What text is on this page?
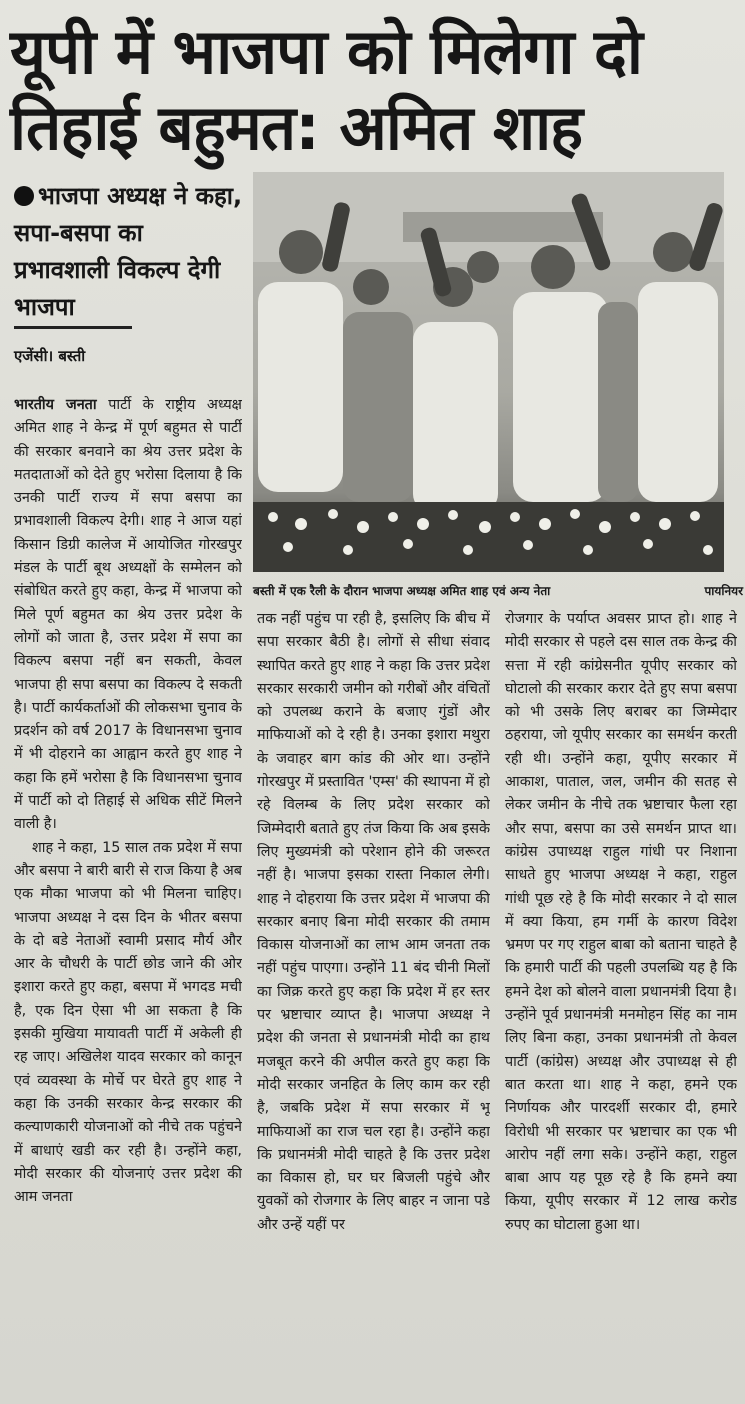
यूपी में भाजपा को मिलेगा दो तिहाई बहुमत: अमित शाह
भाजपा अध्यक्ष ने कहा, सपा-बसपा का प्रभावशाली विकल्प देगी भाजपा
एजेंसी। बस्ती
बस्ती में एक रैली के दौरान भाजपा अध्यक्ष अमित शाह एवं अन्य नेता	पायनियर

भारतीय जनता पार्टी के राष्ट्रीय अध्यक्ष अमित शाह ने केन्द्र में पूर्ण बहुमत से पार्टी की सरकार बनवाने का श्रेय उत्तर प्रदेश के मतदाताओं को देते हुए भरोसा दिलाया है कि उनकी पार्टी राज्य में सपा बसपा का प्रभावशाली विकल्प देगी। शाह ने आज यहां किसान डिग्री कालेज में आयोजित गोरखपुर मंडल के पार्टी बूथ अध्यक्षों के सम्मेलन को संबोधित करते हुए कहा, केन्द्र में भाजपा को मिले पूर्ण बहुमत का श्रेय उत्तर प्रदेश के लोगों को जाता है, उत्तर प्रदेश में सपा का विकल्प बसपा नहीं बन सकती, केवल भाजपा ही सपा बसपा का विकल्प दे सकती है। पार्टी कार्यकर्ताओं की लोकसभा चुनाव के प्रदर्शन को वर्ष 2017 के विधानसभा चुनाव में भी दोहराने का आह्वान करते हुए शाह ने कहा कि हमें भरोसा है कि विधानसभा चुनाव में पार्टी को दो तिहाई से अधिक सीटें मिलने वाली है।

शाह ने कहा, 15 साल तक प्रदेश में सपा और बसपा ने बारी बारी से राज किया है अब एक मौका भाजपा को भी मिलना चाहिए। भाजपा अध्यक्ष ने दस दिन के भीतर बसपा के दो बडे नेताओं स्वामी प्रसाद मौर्य और आर के चौधरी के पार्टी छोड जाने की ओर इशारा करते हुए कहा, बसपा में भगदड मची है, एक दिन ऐसा भी आ सकता है कि इसकी मुखिया मायावती पार्टी में अकेली ही रह जाए। अखिलेश यादव सरकार को कानून एवं व्यवस्था के मोर्चे पर घेरते हुए शाह ने कहा कि उनकी सरकार केन्द्र सरकार की कल्याणकारी योजनाओं को नीचे तक पहुंचने में बाधाएं खडी कर रही है। उन्होंने कहा, मोदी सरकार की योजनाएं उत्तर प्रदेश की आम जनता

तक नहीं पहुंच पा रही है, इसलिए कि बीच में सपा सरकार बैठी है। लोगों से सीधा संवाद स्थापित करते हुए शाह ने कहा कि उत्तर प्रदेश सरकार सरकारी जमीन को गरीबों और वंचितों को उपलब्ध कराने के बजाए गुंडों और माफियाओं को दे रही है। उनका इशारा मथुरा के जवाहर बाग कांड की ओर था। उन्होंने गोरखपुर में प्रस्तावित 'एम्स' की स्थापना में हो रहे विलम्ब के लिए प्रदेश सरकार को जिम्मेदारी बताते हुए तंज किया कि अब इसके लिए मुख्यमंत्री को परेशान होने की जरूरत नहीं है। भाजपा इसका रास्ता निकाल लेगी। शाह ने दोहराया कि उत्तर प्रदेश में भाजपा की सरकार बनाए बिना मोदी सरकार की तमाम विकास योजनाओं का लाभ आम जनता तक नहीं पहुंच पाएगा। उन्होंने 11 बंद चीनी मिलों का जिक्र करते हुए कहा कि प्रदेश में हर स्तर पर भ्रष्टाचार व्याप्त है। भाजपा अध्यक्ष ने प्रदेश की जनता से प्रधानमंत्री मोदी का हाथ मजबूत करने की अपील करते हुए कहा कि मोदी सरकार जनहित के लिए काम कर रही है, जबकि प्रदेश में सपा सरकार में भू माफियाओं का राज चल रहा है। उन्होंने कहा कि प्रधानमंत्री मोदी चाहते है कि उत्तर प्रदेश का विकास हो, घर घर बिजली पहुंचे और युवकों को रोजगार के लिए बाहर न जाना पडे और उन्हें यहीं पर

रोजगार के पर्याप्त अवसर प्राप्त हो। शाह ने मोदी सरकार से पहले दस साल तक केन्द्र की सत्ता में रही कांग्रेसनीत यूपीए सरकार को घोटालो की सरकार करार देते हुए सपा बसपा को भी उसके लिए बराबर का जिम्मेदार ठहराया, जो यूपीए सरकार का समर्थन करती रही थी। उन्होंने कहा, यूपीए सरकार में आकाश, पाताल, जल, जमीन की सतह से लेकर जमीन के नीचे तक भ्रष्टाचार फैला रहा और सपा, बसपा का उसे समर्थन प्राप्त था। कांग्रेस उपाध्यक्ष राहुल गांधी पर निशाना साधते हुए भाजपा अध्यक्ष ने कहा, राहुल गांधी पूछ रहे है कि मोदी सरकार ने दो साल में क्या किया, हम गर्मी के कारण विदेश भ्रमण पर गए राहुल बाबा को बताना चाहते है कि हमारी पार्टी की पहली उपलब्धि यह है कि हमने देश को बोलने वाला प्रधानमंत्री दिया है। उन्होंने पूर्व प्रधानमंत्री मनमोहन सिंह का नाम लिए बिना कहा, उनका प्रधानमंत्री तो केवल पार्टी (कांग्रेस) अध्यक्ष और उपाध्यक्ष से ही बात करता था। शाह ने कहा, हमने एक निर्णायक और पारदर्शी सरकार दी, हमारे विरोधी भी सरकार पर भ्रष्टाचार का एक भी आरोप नहीं लगा सके। उन्होंने कहा, राहुल बाबा आप यह पूछ रहे है कि हमने क्या किया, यूपीए सरकार में 12 लाख करोड रुपए का घोटाला हुआ था।
